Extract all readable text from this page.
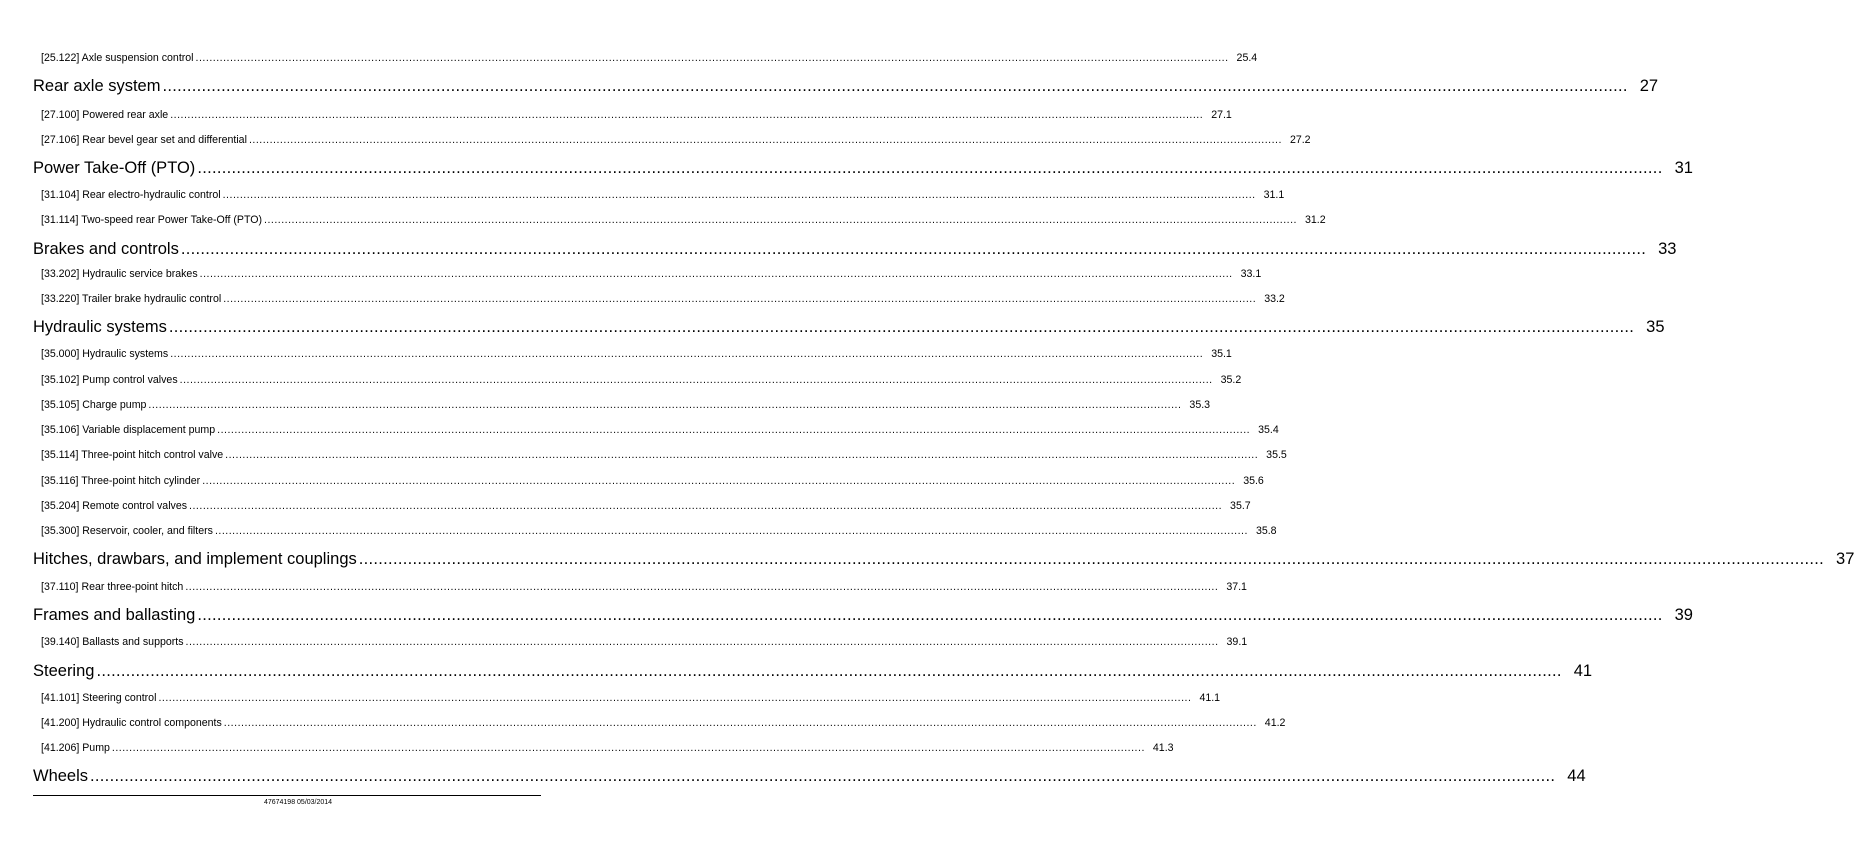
[25.122] Axle suspension control ............................................................................................................................................................................................................................................................................................................ 25.4
Rear axle system ............................................................................................................................................................................................................................................................................................................ 27
[27.100] Powered rear axle ............................................................................................................................................................................................................................................................................................................ 27.1
[27.106] Rear bevel gear set and differential ............................................................................................................................................................................................................................................................................................................ 27.2
Power Take-Off (PTO) ............................................................................................................................................................................................................................................................................................................ 31
[31.104] Rear electro-hydraulic control ............................................................................................................................................................................................................................................................................................................ 31.1
[31.114] Two-speed rear Power Take-Off (PTO) ............................................................................................................................................................................................................................................................................................................ 31.2
Brakes and controls ............................................................................................................................................................................................................................................................................................................ 33
[33.202] Hydraulic service brakes ............................................................................................................................................................................................................................................................................................................ 33.1
[33.220] Trailer brake hydraulic control ............................................................................................................................................................................................................................................................................................................ 33.2
Hydraulic systems ............................................................................................................................................................................................................................................................................................................ 35
[35.000] Hydraulic systems ............................................................................................................................................................................................................................................................................................................ 35.1
[35.102] Pump control valves ............................................................................................................................................................................................................................................................................................................ 35.2
[35.105] Charge pump ............................................................................................................................................................................................................................................................................................................ 35.3
[35.106] Variable displacement pump ............................................................................................................................................................................................................................................................................................................ 35.4
[35.114] Three-point hitch control valve ............................................................................................................................................................................................................................................................................................................ 35.5
[35.116] Three-point hitch cylinder ............................................................................................................................................................................................................................................................................................................ 35.6
[35.204] Remote control valves ............................................................................................................................................................................................................................................................................................................ 35.7
[35.300] Reservoir, cooler, and filters ............................................................................................................................................................................................................................................................................................................ 35.8
Hitches, drawbars, and implement couplings ............................................................................................................................................................................................................................................................................................................ 37
[37.110] Rear three-point hitch ............................................................................................................................................................................................................................................................................................................ 37.1
Frames and ballasting ............................................................................................................................................................................................................................................................................................................ 39
[39.140] Ballasts and supports ............................................................................................................................................................................................................................................................................................................ 39.1
Steering ............................................................................................................................................................................................................................................................................................................ 41
[41.101] Steering control ............................................................................................................................................................................................................................................................................................................ 41.1
[41.200] Hydraulic control components ............................................................................................................................................................................................................................................................................................................ 41.2
[41.206] Pump ............................................................................................................................................................................................................................................................................................................ 41.3
Wheels ............................................................................................................................................................................................................................................................................................................ 44
47674198 05/03/2014
